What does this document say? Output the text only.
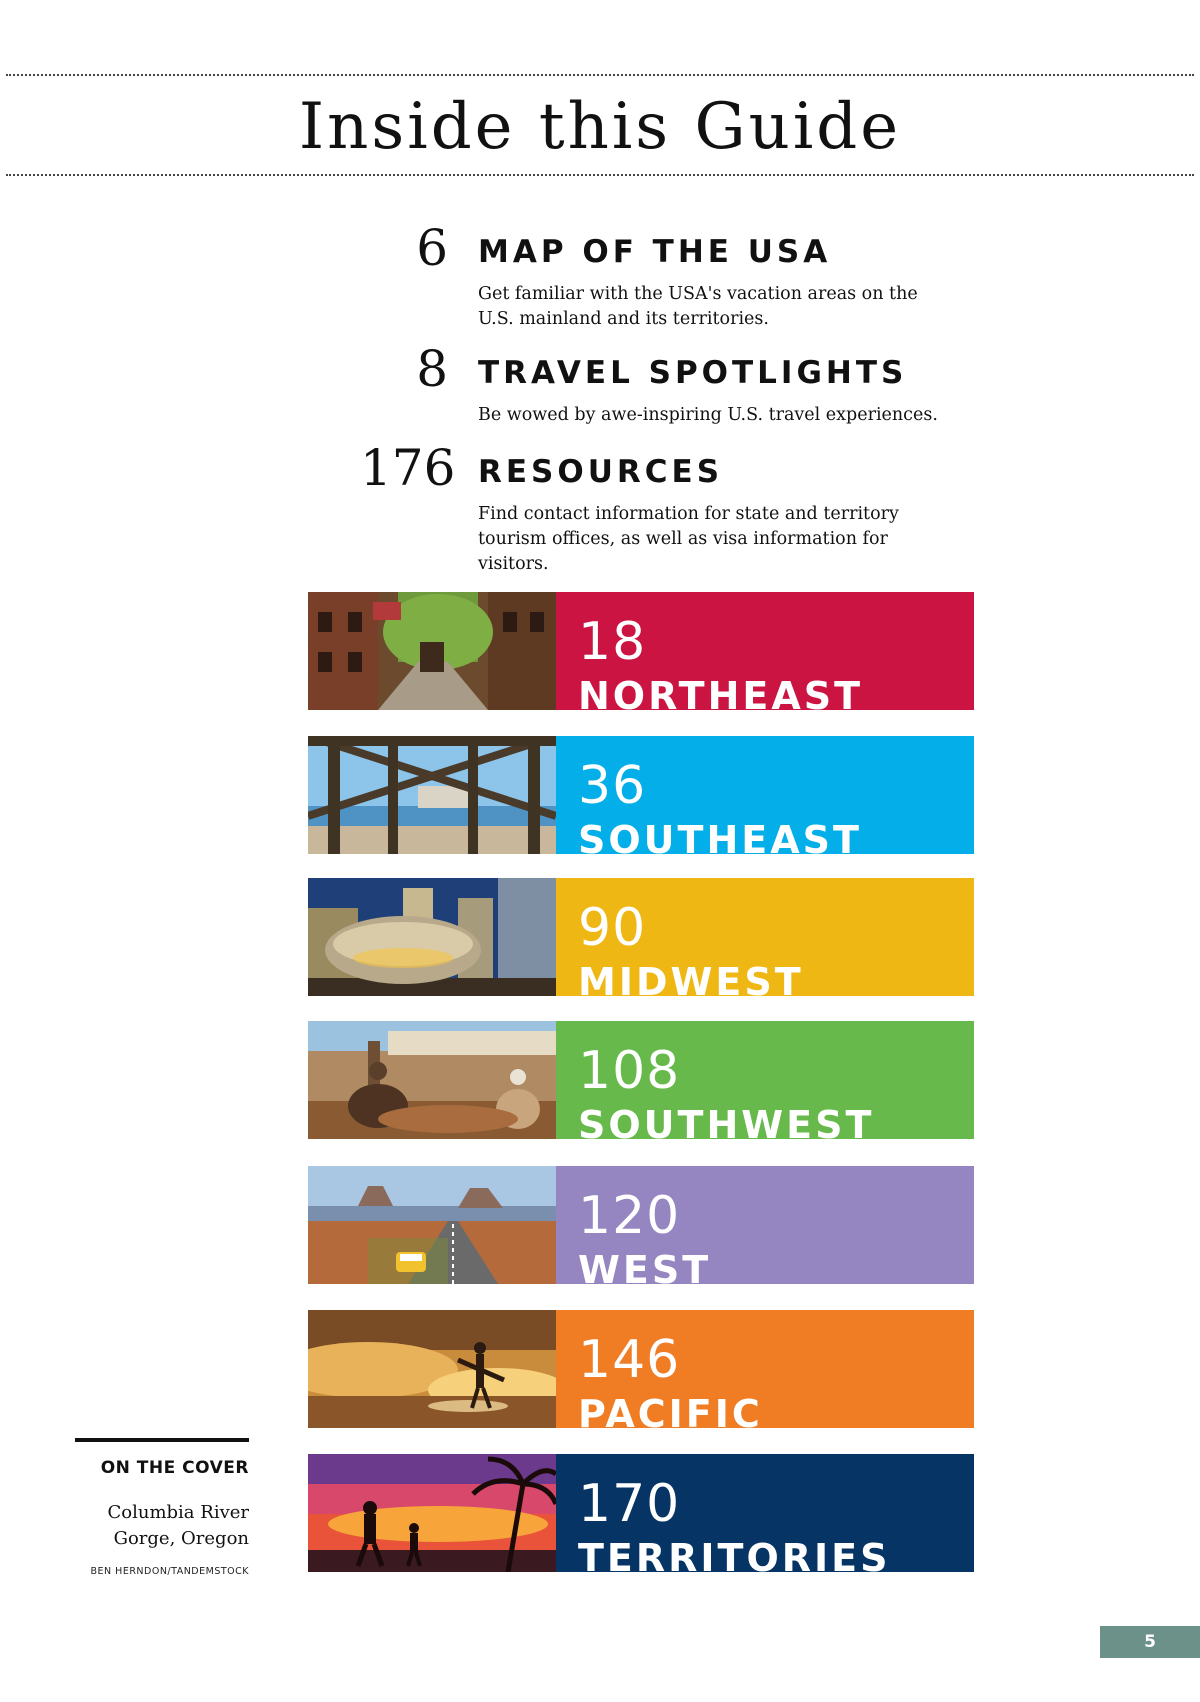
Inside this Guide
6 MAP OF THE USA
Get familiar with the USA's vacation areas on the U.S. mainland and its territories.
8 TRAVEL SPOTLIGHTS
Be wowed by awe-inspiring U.S. travel experiences.
176 RESOURCES
Find contact information for state and territory tourism offices, as well as visa information for visitors.
18
NORTHEAST
36
SOUTHEAST
90
MIDWEST
108
SOUTHWEST
120
WEST
146
PACIFIC
170
TERRITORIES
ON THE COVER
Columbia River
Gorge, Oregon
BEN HERNDON/TANDEMSTOCK
5
